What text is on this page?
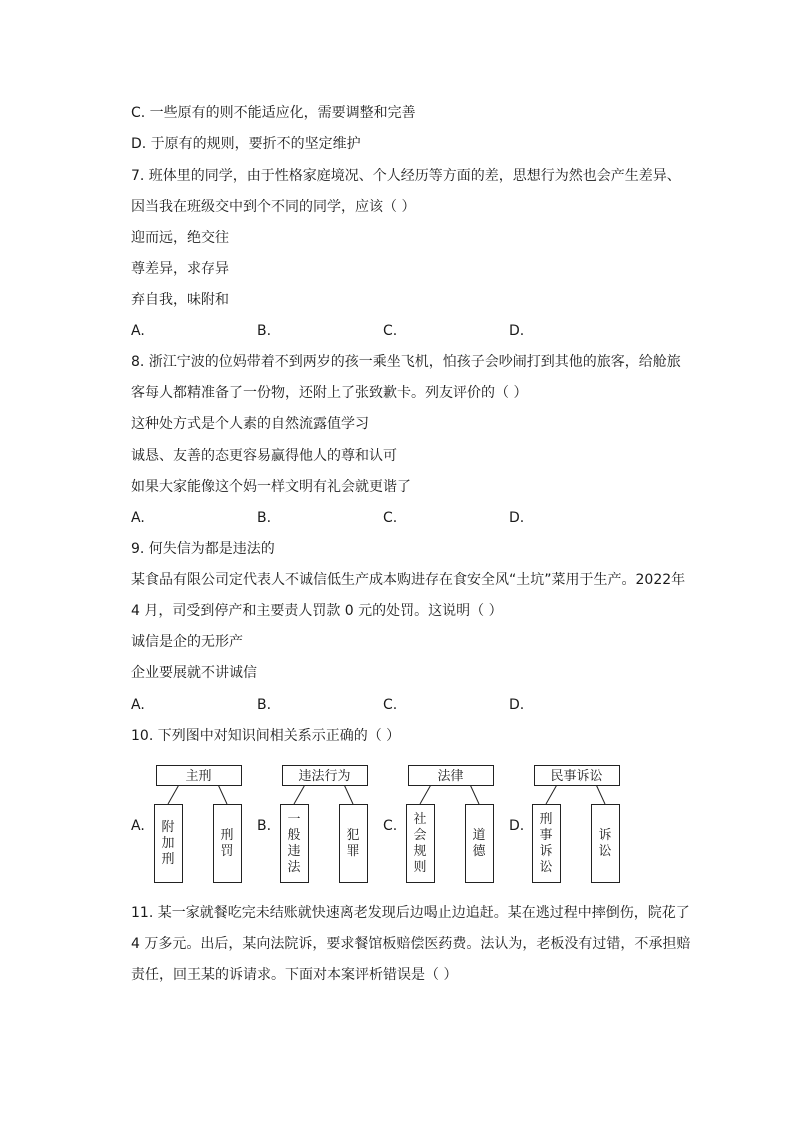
C. 一些原有的则不能适应化，需要调整和完善
D. 于原有的规则，要折不的坚定维护
7. 班体里的同学，由于性格家庭境况、个人经历等方面的差，思想行为然也会产生差异、
因当我在班级交中到个不同的同学，应该（ ）
迎而远，绝交往
尊差异，求存异
弃自我，味附和
A.	B.	C.	D.
8. 浙江宁波的位妈带着不到两岁的孩一乘坐飞机，怕孩子会吵闹打到其他的旅客，给舱旅
客每人都精准备了一份物，还附上了张致歉卡。列友评价的（ ）
这种处方式是个人素的自然流露值学习
诚恳、友善的态更容易赢得他人的尊和认可
如果大家能像这个妈一样文明有礼会就更谐了
A.	B.	C.	D.
9. 何失信为都是违法的
某食品有限公司定代表人不诚信低生产成本购进存在食安全风“土坑”菜用于生产。2022年
4 月，司受到停产和主要责人罚款 0 元的处罚。这说明（ ）
诚信是企的无形产
企业要展就不讲诚信
A.	B.	C.	D.
10. 下列图中对知识间相关系示正确的（ ）
A.
主刑
附加刑
刑罚
B.
违法行为
一般违法
犯罪
C.
法律
社会规则
道德
D.
民事诉讼
刑事诉讼
诉讼
11. 某一家就餐吃完未结账就快速离老发现后边喝止边追赶。某在逃过程中摔倒伤，院花了
4 万多元。出后，某向法院诉，要求餐馆板赔偿医药费。法认为，老板没有过错，不承担赔
责任，回王某的诉请求。下面对本案评析错误是（ ）
